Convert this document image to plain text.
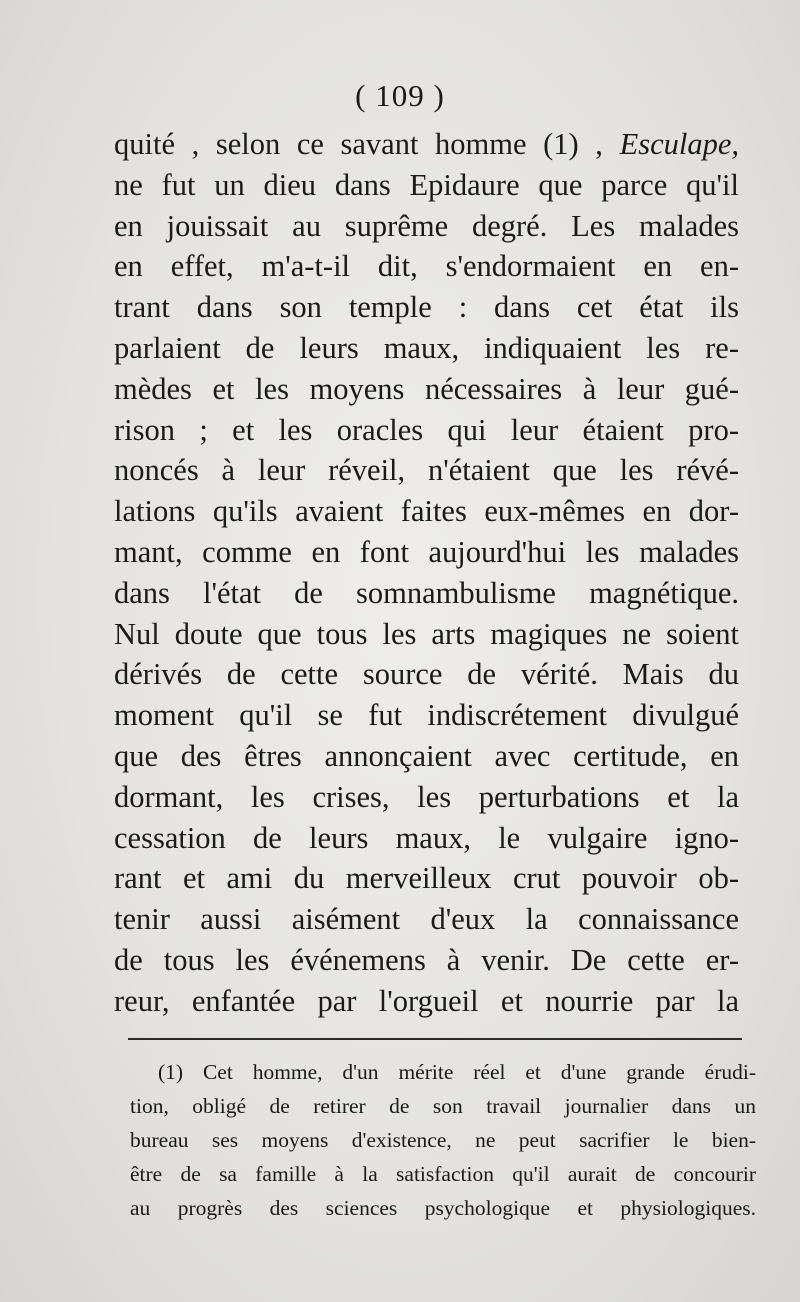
( 109 )
quité , selon ce savant homme (1) , Esculape,
ne fut un dieu dans Epidaure que parce qu'il
en jouissait au suprême degré. Les malades
en effet, m'a-t-il dit, s'endormaient en en-
trant dans son temple : dans cet état ils
parlaient de leurs maux, indiquaient les re-
mèdes et les moyens nécessaires à leur gué-
rison ; et les oracles qui leur étaient pro-
noncés à leur réveil, n'étaient que les révé-
lations qu'ils avaient faites eux-mêmes en dor-
mant, comme en font aujourd'hui les malades
dans l'état de somnambulisme magnétique.
Nul doute que tous les arts magiques ne soient
dérivés de cette source de vérité. Mais du
moment qu'il se fut indiscrétement divulgué
que des êtres annonçaient avec certitude, en
dormant, les crises, les perturbations et la
cessation de leurs maux, le vulgaire igno-
rant et ami du merveilleux crut pouvoir ob-
tenir aussi aisément d'eux la connaissance
de tous les événemens à venir. De cette er-
reur, enfantée par l'orgueil et nourrie par la
(1) Cet homme, d'un mérite réel et d'une grande érudi-
tion, obligé de retirer de son travail journalier dans un
bureau ses moyens d'existence, ne peut sacrifier le bien-
être de sa famille à la satisfaction qu'il aurait de concourir
au progrès des sciences psychologique et physiologiques.
